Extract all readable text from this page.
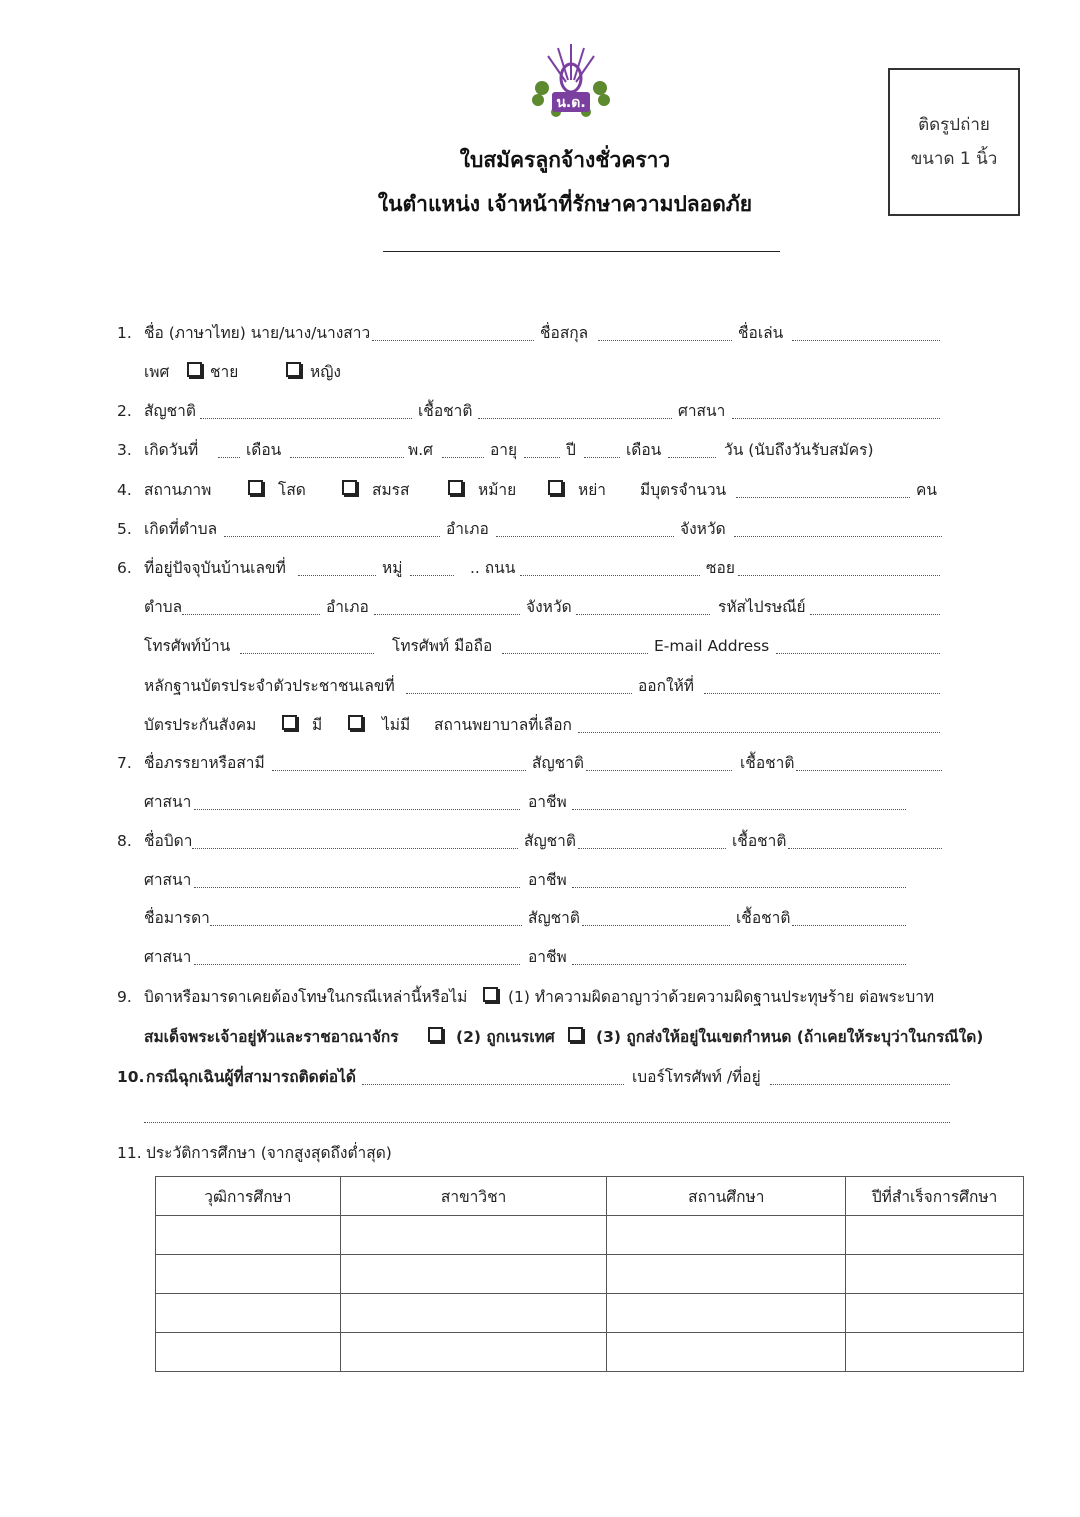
น.ด.
ติดรูปถ่าย
ขนาด 1 นิ้ว
ใบสมัครลูกจ้างชั่วคราว
ในตำแหน่ง เจ้าหน้าที่รักษาความปลอดภัย
1. ชื่อ (ภาษาไทย) นาย/นาง/นางสาว	ชื่อสกุล	ชื่อเล่น
เพศ	ชาย	หญิง
2. สัญชาติ	เชื้อชาติ	ศาสนา
3. เกิดวันที่	เดือน	พ.ศ	อายุ	ปี	เดือน	วัน (นับถึงวันรับสมัคร)
4. สถานภาพ	โสด	สมรส	หม้าย	หย่า มีบุตรจำนวน	คน
5. เกิดที่ตำบล	อำเภอ	จังหวัด
6. ที่อยู่ปัจจุบันบ้านเลขที่	หมู่	.. ถนน	ซอย
ตำบล	อำเภอ	จังหวัด	รหัสไปรษณีย์
โทรศัพท์บ้าน	โทรศัพท์ มือถือ	E-mail Address
หลักฐานบัตรประจำตัวประชาชนเลขที่	ออกให้ที่
บัตรประกันสังคม	มี	ไม่มี สถานพยาบาลที่เลือก
7. ชื่อภรรยาหรือสามี	สัญชาติ	เชื้อชาติ
ศาสนา	อาชีพ
8. ชื่อบิดา	สัญชาติ	เชื้อชาติ
ศาสนา	อาชีพ
ชื่อมารดา	สัญชาติ	เชื้อชาติ
ศาสนา	อาชีพ
9. บิดาหรือมารดาเคยต้องโทษในกรณีเหล่านี้หรือไม่	(1) ทำความผิดอาญาว่าด้วยความผิดฐานประทุษร้าย ต่อพระบาท
สมเด็จพระเจ้าอยู่หัวและราชอาณาจักร	(2) ถูกเนรเทศ	(3) ถูกส่งให้อยู่ในเขตกำหนด (ถ้าเคยให้ระบุว่าในกรณีใด)
10. กรณีฉุกเฉินผู้ที่สามารถติดต่อได้	เบอร์โทรศัพท์ /ที่อยู่
11. ประวัติการศึกษา (จากสูงสุดถึงต่ำสุด)
วุฒิการศึกษา	สาขาวิชา	สถานศึกษา	ปีที่สำเร็จการศึกษา
